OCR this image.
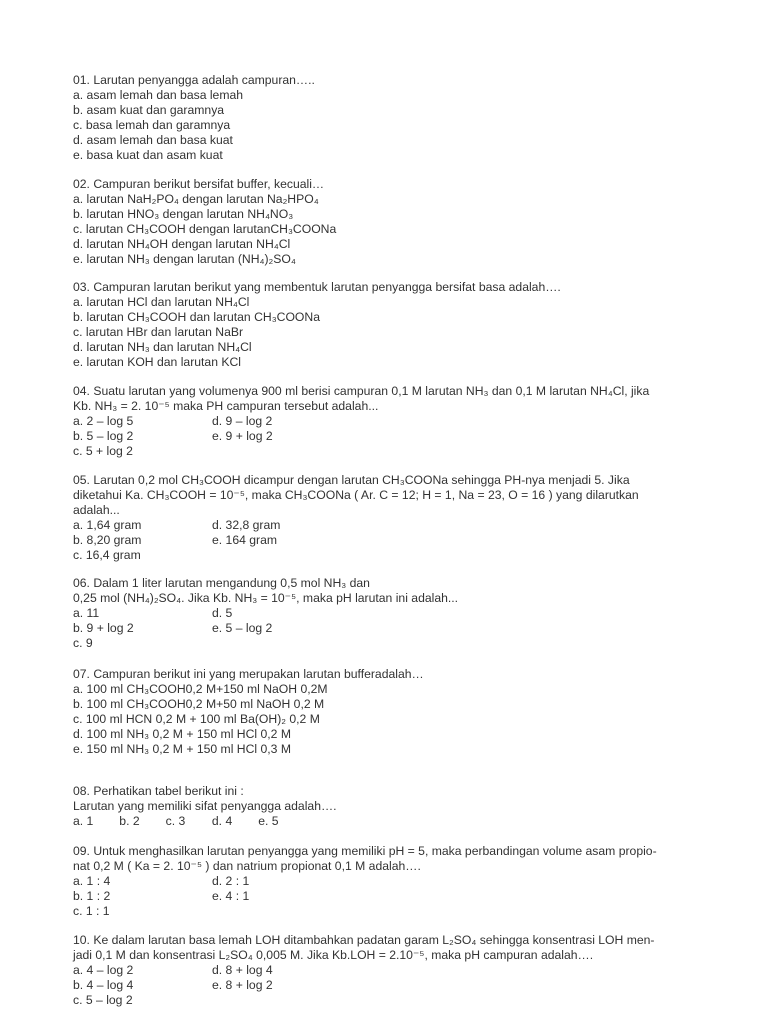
01. Larutan penyangga adalah campuran…..
a. asam lemah dan basa lemah
b. asam kuat dan garamnya
c. basa lemah dan garamnya
d. asam lemah dan basa kuat
e. basa kuat dan asam kuat
02. Campuran berikut bersifat buffer, kecuali…
a. larutan NaH₂PO₄ dengan larutan Na₂HPO₄
b. larutan HNO₃ dengan larutan NH₄NO₃
c. larutan CH₃COOH dengan larutanCH₃COONa
d. larutan NH₄OH dengan larutan NH₄Cl
e. larutan NH₃ dengan larutan (NH₄)₂SO₄
03. Campuran larutan berikut yang membentuk larutan penyangga bersifat basa adalah….
a. larutan HCl dan larutan NH₄Cl
b. larutan CH₃COOH dan larutan CH₃COONa
c. larutan HBr dan larutan NaBr
d. larutan NH₃ dan larutan NH₄Cl
e. larutan KOH dan larutan KCl
04. Suatu larutan yang volumenya 900 ml berisi campuran 0,1 M larutan NH₃ dan 0,1 M larutan NH₄Cl, jika
Kb. NH₃ = 2. 10⁻⁵ maka PH campuran tersebut adalah...
a. 2 – log 5	d. 9 – log 2
b. 5 – log 2	e. 9 + log 2
c. 5 + log 2
05. Larutan 0,2 mol CH₃COOH dicampur dengan larutan CH₃COONa sehingga PH-nya menjadi 5. Jika
diketahui Ka. CH₃COOH = 10⁻⁵, maka CH₃COONa ( Ar. C = 12; H = 1, Na = 23, O = 16 ) yang dilarutkan
adalah...
a. 1,64 gram	d. 32,8 gram
b. 8,20 gram	e. 164 gram
c. 16,4 gram
06. Dalam 1 liter larutan mengandung 0,5 mol NH₃ dan
0,25 mol (NH₄)₂SO₄. Jika Kb. NH₃ = 10⁻⁵, maka pH larutan ini adalah...
a. 11	d. 5
b. 9 + log 2	e. 5 – log 2
c. 9
07. Campuran berikut ini yang merupakan larutan bufferadalah…
a. 100 ml CH₃COOH0,2 M+150 ml NaOH 0,2M
b. 100 ml CH₃COOH0,2 M+50 ml NaOH 0,2 M
c. 100 ml HCN 0,2 M + 100 ml Ba(OH)₂ 0,2 M
d. 100 ml NH₃ 0,2 M + 150 ml HCl 0,2 M
e. 150 ml NH₃ 0,2 M + 150 ml HCl 0,3 M
08. Perhatikan tabel berikut ini :
Larutan yang memiliki sifat penyangga adalah….
a. 1 b. 2 c. 3 d. 4 e. 5
09. Untuk menghasilkan larutan penyangga yang memiliki pH = 5, maka perbandingan volume asam propio-
nat 0,2 M ( Ka = 2. 10⁻⁵ ) dan natrium propionat 0,1 M adalah….
a. 1 : 4	d. 2 : 1
b. 1 : 2	e. 4 : 1
c. 1 : 1
10. Ke dalam larutan basa lemah LOH ditambahkan padatan garam L₂SO₄ sehingga konsentrasi LOH men-
jadi 0,1 M dan konsentrasi L₂SO₄ 0,005 M. Jika Kb.LOH = 2.10⁻⁵, maka pH campuran adalah….
a. 4 – log 2	d. 8 + log 4
b. 4 – log 4	e. 8 + log 2
c. 5 – log 2
